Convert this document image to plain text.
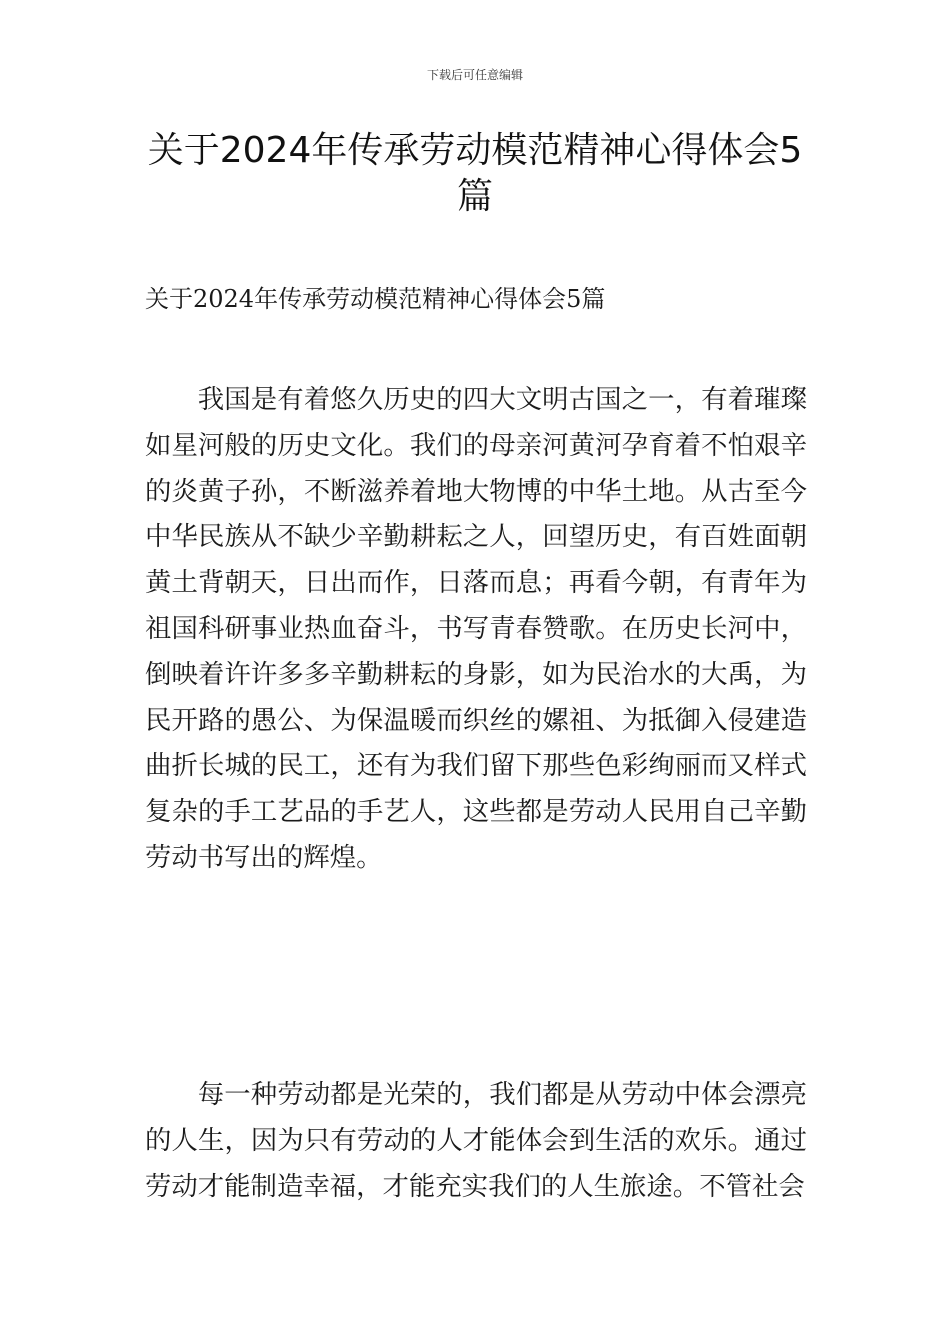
下载后可任意编辑
关于2024年传承劳动模范精神心得体会5篇
关于2024年传承劳动模范精神心得体会5篇

我国是有着悠久历史的四大文明古国之一，有着璀璨如星河般的历史文化。我们的母亲河黄河孕育着不怕艰辛的炎黄子孙，不断滋养着地大物博的中华土地。从古至今中华民族从不缺少辛勤耕耘之人，回望历史，有百姓面朝黄土背朝天，日出而作，日落而息；再看今朝，有青年为祖国科研事业热血奋斗，书写青春赞歌。在历史长河中，倒映着许许多多辛勤耕耘的身影，如为民治水的大禹，为民开路的愚公、为保温暖而织丝的嫘祖、为抵御入侵建造曲折长城的民工，还有为我们留下那些色彩绚丽而又样式复杂的手工艺品的手艺人，这些都是劳动人民用自己辛勤劳动书写出的辉煌。

每一种劳动都是光荣的，我们都是从劳动中体会漂亮的人生，因为只有劳动的人才能体会到生活的欢乐。通过劳动才能制造幸福，才能充实我们的人生旅途。不管社会
